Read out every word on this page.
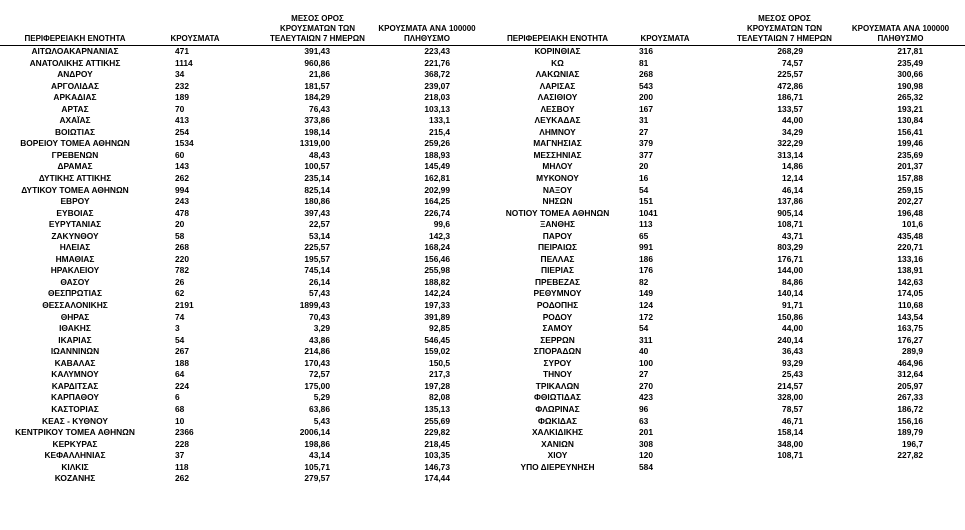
ΠΕΡΙΦΕΡΕΙΑΚΗ ΕΝΟΤΗΤΑ	ΚΡΟΥΣΜΑΤΑ
ΜΕΣΟΣ ΟΡΟΣ
ΚΡΟΥΣΜΑΤΩΝ ΤΩΝ
ΤΕΛΕΥΤΑΙΩΝ 7 ΗΜΕΡΩΝ
ΚΡΟΥΣΜΑΤΑ ΑΝΑ 100000
ΠΛΗΘΥΣΜΟ
ΑΙΤΩΛΟΑΚΑΡΝΑΝΙΑΣ	471	391,43	223,43
ΑΝΑΤΟΛΙΚΗΣ ΑΤΤΙΚΗΣ	1114	960,86	221,76
ΑΝΔΡΟΥ	34	21,86	368,72
ΑΡΓΟΛΙΔΑΣ	232	181,57	239,07
ΑΡΚΑΔΙΑΣ	189	184,29	218,03
ΑΡΤΑΣ	70	76,43	103,13
ΑΧΑΪΑΣ	413	373,86	133,1
ΒΟΙΩΤΙΑΣ	254	198,14	215,4
ΒΟΡΕΙΟΥ ΤΟΜΕΑ ΑΘΗΝΩΝ	1534	1319,00	259,26
ΓΡΕΒΕΝΩΝ	60	48,43	188,93
ΔΡΑΜΑΣ	143	100,57	145,49
ΔΥΤΙΚΗΣ ΑΤΤΙΚΗΣ	262	235,14	162,81
ΔΥΤΙΚΟΥ ΤΟΜΕΑ ΑΘΗΝΩΝ	994	825,14	202,99
ΕΒΡΟΥ	243	180,86	164,25
ΕΥΒΟΙΑΣ	478	397,43	226,74
ΕΥΡΥΤΑΝΙΑΣ	20	22,57	99,6
ΖΑΚΥΝΘΟΥ	58	53,14	142,3
ΗΛΕΙΑΣ	268	225,57	168,24
ΗΜΑΘΙΑΣ	220	195,57	156,46
ΗΡΑΚΛΕΙΟΥ	782	745,14	255,98
ΘΑΣΟΥ	26	26,14	188,82
ΘΕΣΠΡΩΤΙΑΣ	62	57,43	142,24
ΘΕΣΣΑΛΟΝΙΚΗΣ	2191	1899,43	197,33
ΘΗΡΑΣ	74	70,43	391,89
ΙΘΑΚΗΣ	3	3,29	92,85
ΙΚΑΡΙΑΣ	54	43,86	546,45
ΙΩΑΝΝΙΝΩΝ	267	214,86	159,02
ΚΑΒΑΛΑΣ	188	170,43	150,5
ΚΑΛΥΜΝΟΥ	64	72,57	217,3
ΚΑΡΔΙΤΣΑΣ	224	175,00	197,28
ΚΑΡΠΑΘΟΥ	6	5,29	82,08
ΚΑΣΤΟΡΙΑΣ	68	63,86	135,13
ΚΕΑΣ - ΚΥΘΝΟΥ	10	5,43	255,69
ΚΕΝΤΡΙΚΟΥ ΤΟΜΕΑ ΑΘΗΝΩΝ	2366	2006,14	229,82
ΚΕΡΚΥΡΑΣ	228	198,86	218,45
ΚΕΦΑΛΛΗΝΙΑΣ	37	43,14	103,35
ΚΙΛΚΙΣ	118	105,71	146,73
ΚΟΖΑΝΗΣ	262	279,57	174,44
ΠΕΡΙΦΕΡΕΙΑΚΗ ΕΝΟΤΗΤΑ	ΚΡΟΥΣΜΑΤΑ
ΜΕΣΟΣ ΟΡΟΣ
ΚΡΟΥΣΜΑΤΩΝ ΤΩΝ
ΤΕΛΕΥΤΑΙΩΝ 7 ΗΜΕΡΩΝ
ΚΡΟΥΣΜΑΤΑ ΑΝΑ 100000
ΠΛΗΘΥΣΜΟ
ΚΟΡΙΝΘΙΑΣ	316	268,29	217,81
ΚΩ	81	74,57	235,49
ΛΑΚΩΝΙΑΣ	268	225,57	300,66
ΛΑΡΙΣΑΣ	543	472,86	190,98
ΛΑΣΙΘΙΟΥ	200	186,71	265,32
ΛΕΣΒΟΥ	167	133,57	193,21
ΛΕΥΚΑΔΑΣ	31	44,00	130,84
ΛΗΜΝΟΥ	27	34,29	156,41
ΜΑΓΝΗΣΙΑΣ	379	322,29	199,46
ΜΕΣΣΗΝΙΑΣ	377	313,14	235,69
ΜΗΛΟΥ	20	14,86	201,37
ΜΥΚΟΝΟΥ	16	12,14	157,88
ΝΑΞΟΥ	54	46,14	259,15
ΝΗΣΩΝ	151	137,86	202,27
ΝΟΤΙΟΥ ΤΟΜΕΑ ΑΘΗΝΩΝ	1041	905,14	196,48
ΞΑΝΘΗΣ	113	108,71	101,6
ΠΑΡΟΥ	65	43,71	435,48
ΠΕΙΡΑΙΩΣ	991	803,29	220,71
ΠΕΛΛΑΣ	186	176,71	133,16
ΠΙΕΡΙΑΣ	176	144,00	138,91
ΠΡΕΒΕΖΑΣ	82	84,86	142,63
ΡΕΘΥΜΝΟΥ	149	140,14	174,05
ΡΟΔΟΠΗΣ	124	91,71	110,68
ΡΟΔΟΥ	172	150,86	143,54
ΣΑΜΟΥ	54	44,00	163,75
ΣΕΡΡΩΝ	311	240,14	176,27
ΣΠΟΡΑΔΩΝ	40	36,43	289,9
ΣΥΡΟΥ	100	93,29	464,96
ΤΗΝΟΥ	27	25,43	312,64
ΤΡΙΚΑΛΩΝ	270	214,57	205,97
ΦΘΙΩΤΙΔΑΣ	423	328,00	267,33
ΦΛΩΡΙΝΑΣ	96	78,57	186,72
ΦΩΚΙΔΑΣ	63	46,71	156,16
ΧΑΛΚΙΔΙΚΗΣ	201	158,14	189,79
ΧΑΝΙΩΝ	308	348,00	196,7
ΧΙΟΥ	120	108,71	227,82
ΥΠΟ ΔΙΕΡΕΥΝΗΣΗ	584
